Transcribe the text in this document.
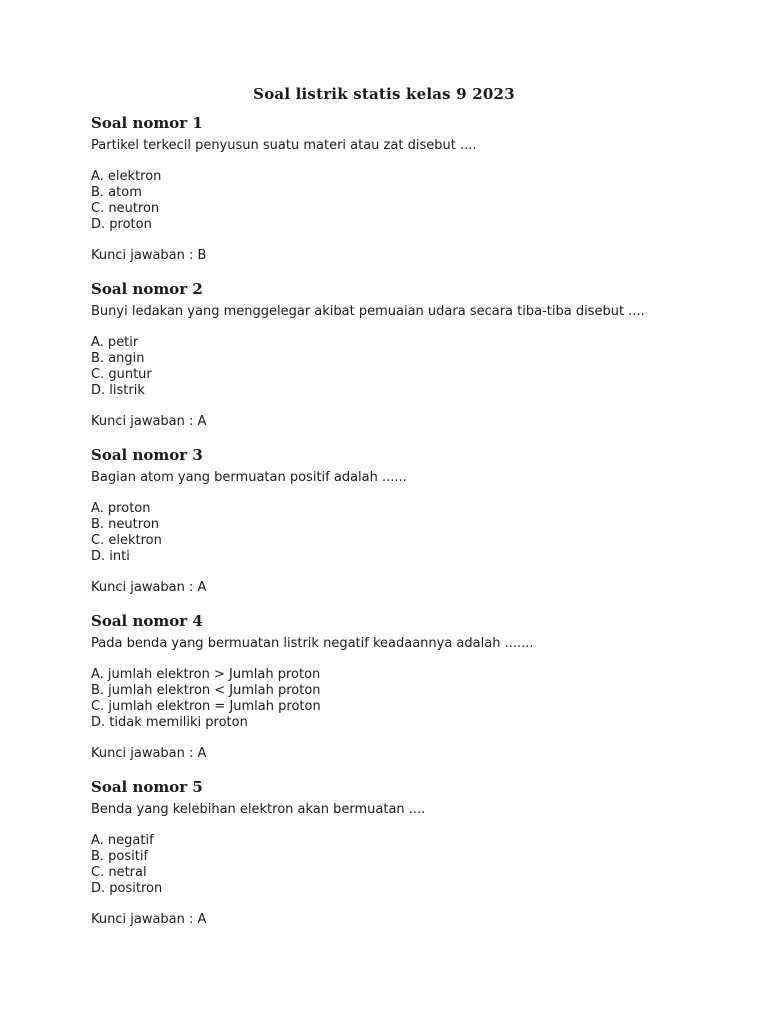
Soal listrik statis kelas 9 2023
Soal nomor 1
Partikel terkecil penyusun suatu materi atau zat disebut ....
A. elektron
B. atom
C. neutron
D. proton
Kunci jawaban : B
Soal nomor 2
Bunyi ledakan yang menggelegar akibat pemuaian udara secara tiba-tiba disebut ....
A. petir
B. angin
C. guntur
D. listrik
Kunci jawaban : A
Soal nomor 3
Bagian atom yang bermuatan positif adalah ......
A. proton
B. neutron
C. elektron
D. inti
Kunci jawaban : A
Soal nomor 4
Pada benda yang bermuatan listrik negatif keadaannya adalah .......
A. jumlah elektron > Jumlah proton
B. jumlah elektron < Jumlah proton
C. jumlah elektron = Jumlah proton
D. tidak memiliki proton
Kunci jawaban : A
Soal nomor 5
Benda yang kelebihan elektron akan bermuatan ....
A. negatif
B. positif
C. netral
D. positron
Kunci jawaban : A
